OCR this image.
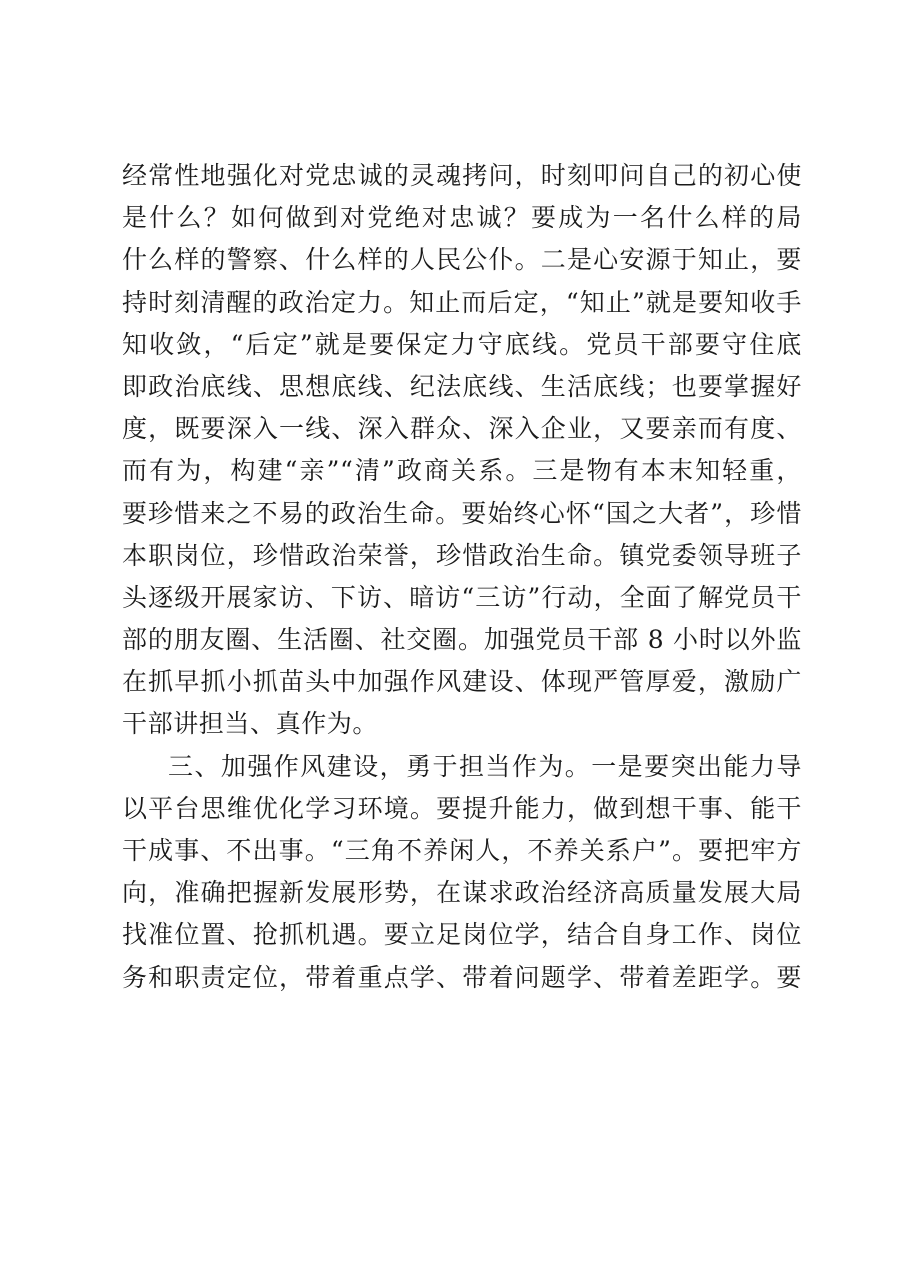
经常性地强化对党忠诚的灵魂拷问，时刻叩问自己的初心使
是什么？如何做到对党绝对忠诚？要成为一名什么样的局
什么样的警察、什么样的人民公仆。二是心安源于知止，要
持时刻清醒的政治定力。知止而后定，“知止”就是要知收手
知收敛，“后定”就是要保定力守底线。党员干部要守住底
即政治底线、思想底线、纪法底线、生活底线；也要掌握好
度，既要深入一线、深入群众、深入企业，又要亲而有度、
而有为，构建“亲”“清”政商关系。三是物有本末知轻重，
要珍惜来之不易的政治生命。要始终心怀“国之大者”，珍惜
本职岗位，珍惜政治荣誉，珍惜政治生命。镇党委领导班子
头逐级开展家访、下访、暗访“三访”行动，全面了解党员干
部的朋友圈、生活圈、社交圈。加强党员干部 8 小时以外监
在抓早抓小抓苗头中加强作风建设、体现严管厚爱，激励广
干部讲担当、真作为。
三、加强作风建设，勇于担当作为。一是要突出能力导
以平台思维优化学习环境。要提升能力，做到想干事、能干
干成事、不出事。“三角不养闲人，不养关系户”。要把牢方
向，准确把握新发展形势，在谋求政治经济高质量发展大局
找准位置、抢抓机遇。要立足岗位学，结合自身工作、岗位
务和职责定位，带着重点学、带着问题学、带着差距学。要
